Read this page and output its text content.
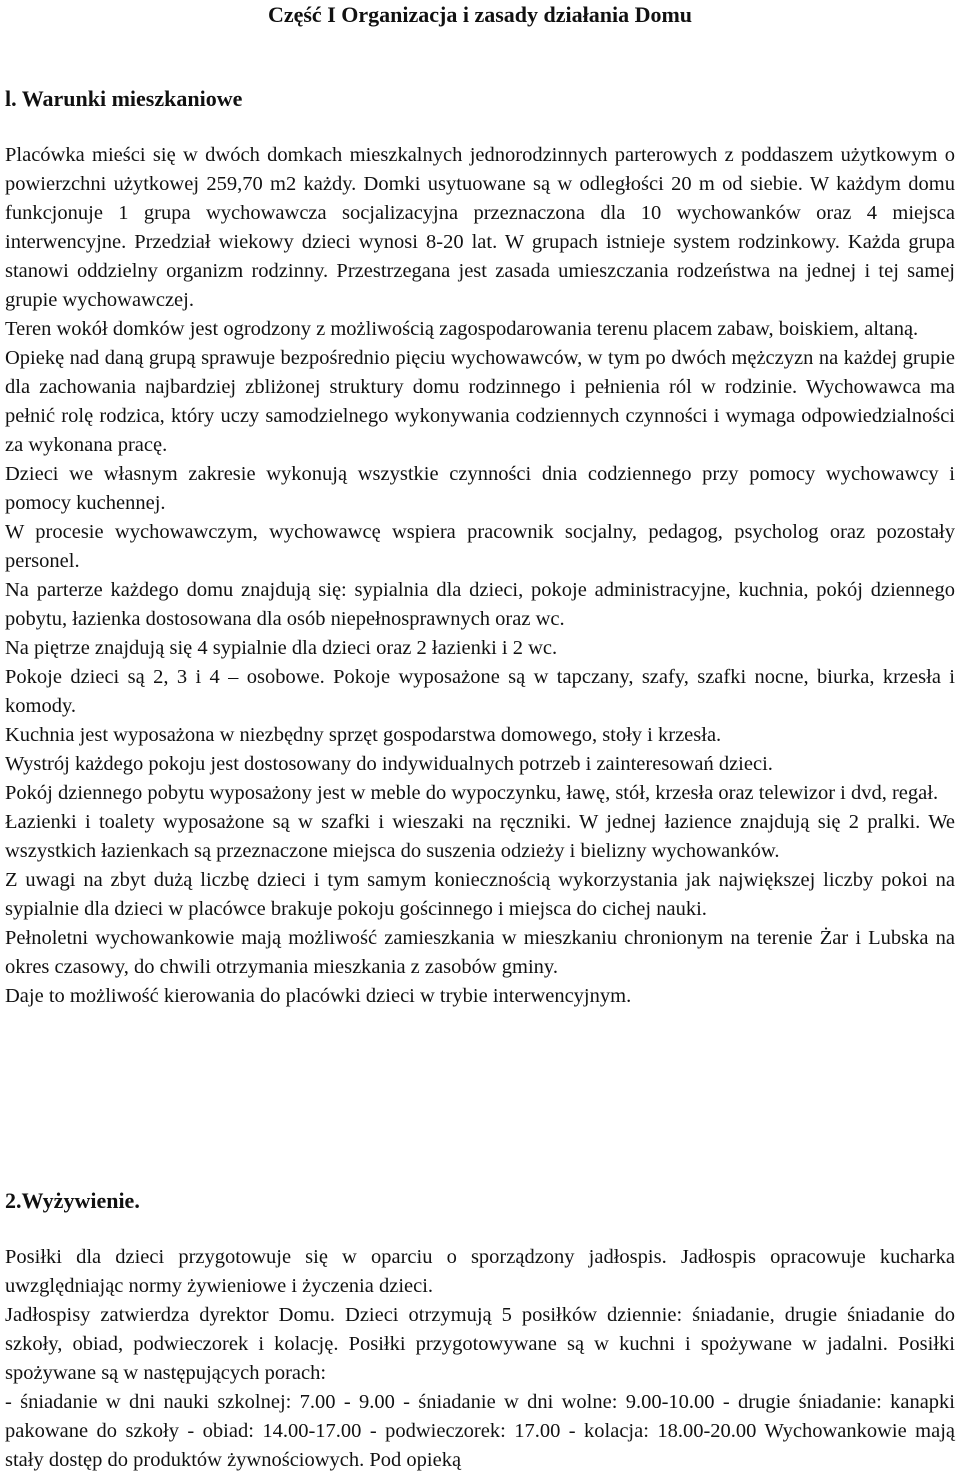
Część I Organizacja i zasady działania Domu
l. Warunki mieszkaniowe

Placówka mieści się w dwóch domkach mieszkalnych jednorodzinnych parterowych z poddaszem użytkowym o powierzchni użytkowej 259,70 m2 każdy. Domki usytuowane są w odległości 20 m od siebie. W każdym domu funkcjonuje 1 grupa wychowawcza socjalizacyjna przeznaczona dla 10 wychowanków oraz 4 miejsca interwencyjne. Przedział wiekowy dzieci wynosi 8-20 lat. W grupach istnieje system rodzinkowy. Każda grupa stanowi oddzielny organizm rodzinny. Przestrzegana jest zasada umieszczania rodzeństwa na jednej i tej samej grupie wychowawczej.

Teren wokół domków jest ogrodzony z możliwością zagospodarowania terenu placem zabaw, boiskiem, altaną.

Opiekę nad daną grupą sprawuje bezpośrednio pięciu wychowawców, w tym po dwóch mężczyzn na każdej grupie dla zachowania najbardziej zbliżonej struktury domu rodzinnego i pełnienia ról w rodzinie. Wychowawca ma pełnić rolę rodzica, który uczy samodzielnego wykonywania codziennych czynności i wymaga odpowiedzialności za wykonana pracę.

Dzieci we własnym zakresie wykonują wszystkie czynności dnia codziennego przy pomocy wychowawcy i pomocy kuchennej.

W procesie wychowawczym, wychowawcę wspiera pracownik socjalny, pedagog, psycholog oraz pozostały personel.

Na parterze każdego domu znajdują się: sypialnia dla dzieci, pokoje administracyjne, kuchnia, pokój dziennego pobytu, łazienka dostosowana dla osób niepełnosprawnych oraz wc.

Na piętrze znajdują się 4 sypialnie dla dzieci oraz 2 łazienki i 2 wc.

Pokoje dzieci są 2, 3 i 4 – osobowe. Pokoje wyposażone są w tapczany, szafy, szafki nocne, biurka, krzesła i komody.

Kuchnia jest wyposażona w niezbędny sprzęt gospodarstwa domowego, stoły i krzesła.

Wystrój każdego pokoju jest dostosowany do indywidualnych potrzeb i zainteresowań dzieci.

Pokój dziennego pobytu wyposażony jest w meble do wypoczynku, ławę, stół, krzesła oraz telewizor i dvd, regał.

Łazienki i toalety wyposażone są w szafki i wieszaki na ręczniki. W jednej łazience znajdują się 2 pralki. We wszystkich łazienkach są przeznaczone miejsca do suszenia odzieży i bielizny wychowanków.

Z uwagi na zbyt dużą liczbę dzieci i tym samym koniecznością wykorzystania jak największej liczby pokoi na sypialnie dla dzieci w placówce brakuje pokoju gościnnego i miejsca do cichej nauki.

Pełnoletni wychowankowie mają możliwość zamieszkania w mieszkaniu chronionym na terenie Żar i Lubska na okres czasowy, do chwili otrzymania mieszkania z zasobów gminy.

Daje to możliwość kierowania do placówki dzieci w trybie interwencyjnym.

2.Wyżywienie.

Posiłki dla dzieci przygotowuje się w oparciu o sporządzony jadłospis. Jadłospis opracowuje kucharka uwzględniając normy żywieniowe i życzenia dzieci.

Jadłospisy zatwierdza dyrektor Domu. Dzieci otrzymują 5 posiłków dziennie: śniadanie, drugie śniadanie do szkoły, obiad, podwieczorek i kolację. Posiłki przygotowywane są w kuchni i spożywane w jadalni. Posiłki spożywane są w następujących porach:

- śniadanie w dni nauki szkolnej: 7.00 - 9.00 - śniadanie w dni wolne: 9.00-10.00 - drugie śniadanie: kanapki pakowane do szkoły - obiad: 14.00-17.00 - podwieczorek: 17.00 - kolacja: 18.00-20.00 Wychowankowie mają stały dostęp do produktów żywnościowych. Pod opieką
